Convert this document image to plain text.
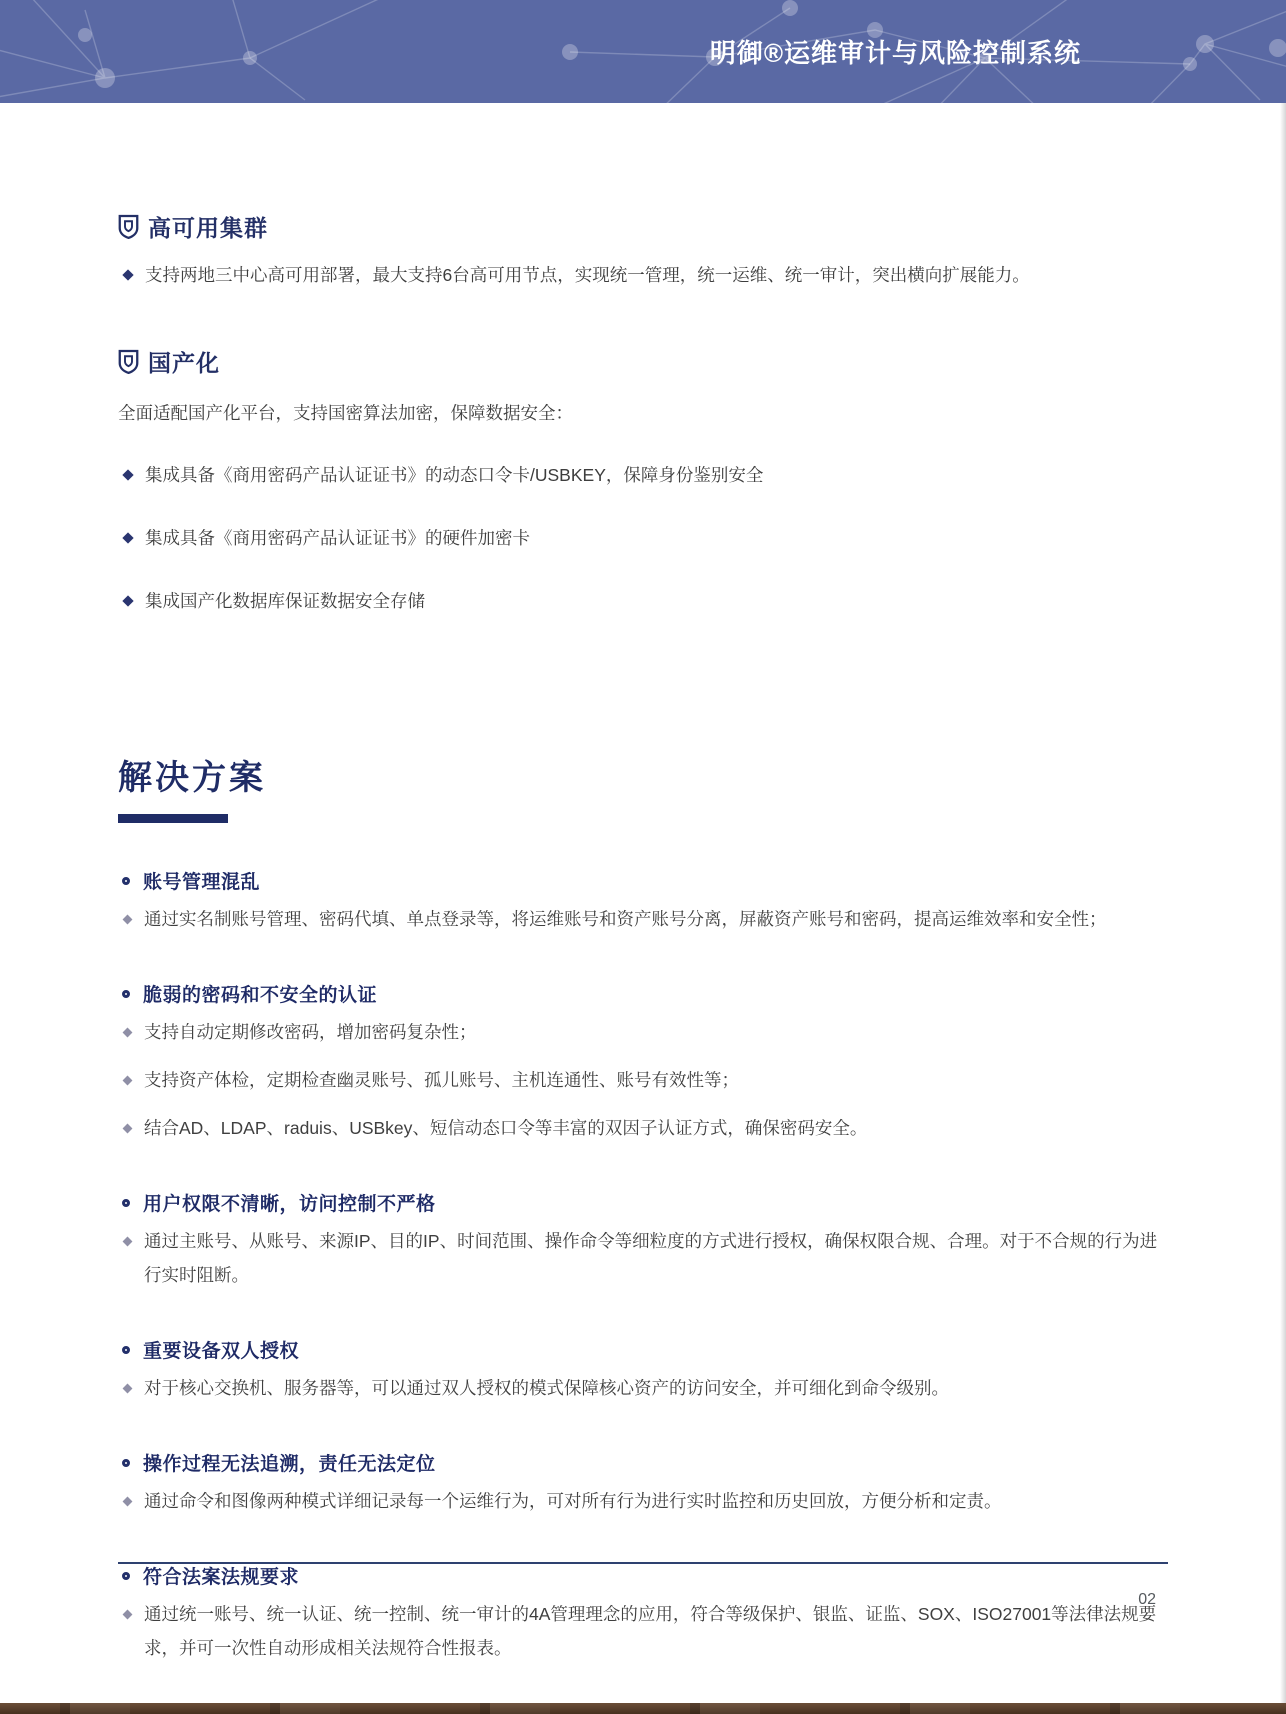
明御®运维审计与风险控制系统
高可用集群

支持两地三中心高可用部署，最大支持6台高可用节点，实现统一管理，统一运维、统一审计，突出横向扩展能力。

国产化

全面适配国产化平台，支持国密算法加密，保障数据安全：

集成具备《商用密码产品认证证书》的动态口令卡/USBKEY，保障身份鉴别安全

集成具备《商用密码产品认证证书》的硬件加密卡

集成国产化数据库保证数据安全存储

解决方案
账号管理混乱

通过实名制账号管理、密码代填、单点登录等，将运维账号和资产账号分离，屏蔽资产账号和密码，提高运维效率和安全性；

脆弱的密码和不安全的认证

支持自动定期修改密码，增加密码复杂性；

支持资产体检，定期检查幽灵账号、孤儿账号、主机连通性、账号有效性等；

结合AD、LDAP、raduis、USBkey、短信动态口令等丰富的双因子认证方式，确保密码安全。

用户权限不清晰，访问控制不严格

通过主账号、从账号、来源IP、目的IP、时间范围、操作命令等细粒度的方式进行授权，确保权限合规、合理。对于不合规的行为进行实时阻断。

重要设备双人授权

对于核心交换机、服务器等，可以通过双人授权的模式保障核心资产的访问安全，并可细化到命令级别。

操作过程无法追溯，责任无法定位

通过命令和图像两种模式详细记录每一个运维行为，可对所有行为进行实时监控和历史回放，方便分析和定责。

符合法案法规要求

通过统一账号、统一认证、统一控制、统一审计的4A管理理念的应用，符合等级保护、银监、证监、SOX、ISO27001等法律法规要求，并可一次性自动形成相关法规符合性报表。

02
